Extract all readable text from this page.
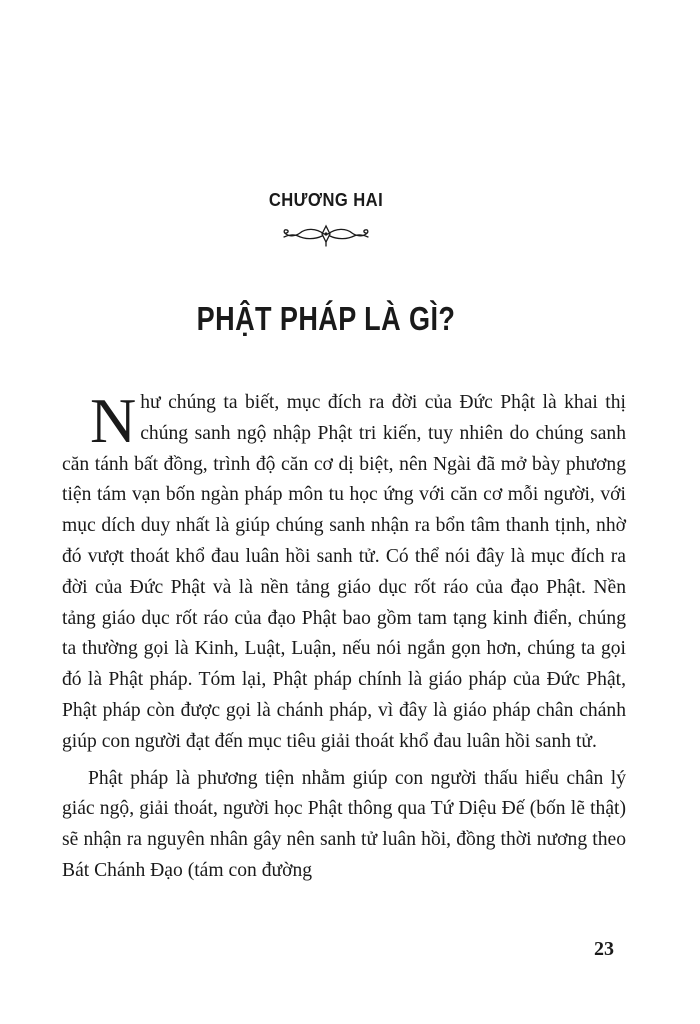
CHƯƠNG HAI
PHẬT PHÁP LÀ GÌ?

Như chúng ta biết, mục đích ra đời của Đức Phật là khai thị chúng sanh ngộ nhập Phật tri kiến, tuy nhiên do chúng sanh căn tánh bất đồng, trình độ căn cơ dị biệt, nên Ngài đã mở bày phương tiện tám vạn bốn ngàn pháp môn tu học ứng với căn cơ mỗi người, với mục dích duy nhất là giúp chúng sanh nhận ra bổn tâm thanh tịnh, nhờ đó vượt thoát khổ đau luân hồi sanh tử. Có thể nói đây là mục đích ra đời của Đức Phật và là nền tảng giáo dục rốt ráo của đạo Phật. Nền tảng giáo dục rốt ráo của đạo Phật bao gồm tam tạng kinh điển, chúng ta thường gọi là Kinh, Luật, Luận, nếu nói ngắn gọn hơn, chúng ta gọi đó là Phật pháp. Tóm lại, Phật pháp chính là giáo pháp của Đức Phật, Phật pháp còn được gọi là chánh pháp, vì đây là giáo pháp chân chánh giúp con người đạt đến mục tiêu giải thoát khổ đau luân hồi sanh tử.

Phật pháp là phương tiện nhằm giúp con người thấu hiểu chân lý giác ngộ, giải thoát, người học Phật thông qua Tứ Diệu Đế (bốn lẽ thật) sẽ nhận ra nguyên nhân gây nên sanh tử luân hồi, đồng thời nương theo Bát Chánh Đạo (tám con đường

23
